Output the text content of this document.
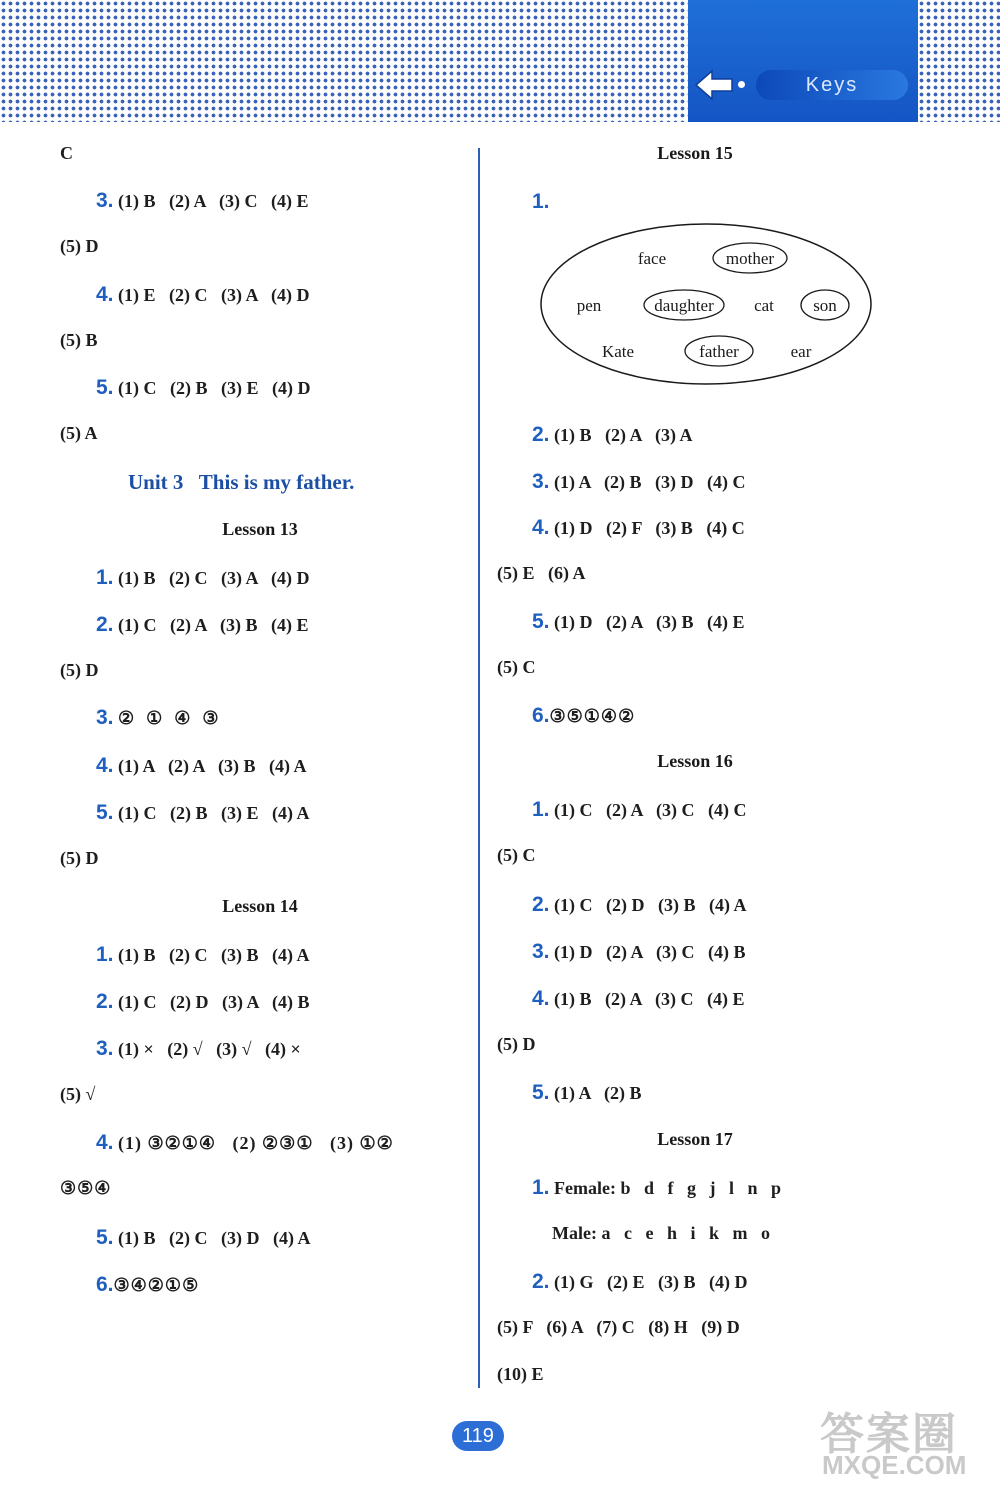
Keys
C
3. (1) B   (2) A   (3) C   (4) E
(5) D
4. (1) E   (2) C   (3) A   (4) D
(5) B
5. (1) C   (2) B   (3) E   (4) D
(5) A
Unit 3   This is my father.
Lesson 13
1. (1) B   (2) C   (3) A   (4) D
2. (1) C   (2) A   (3) B   (4) E
(5) D
3. ②  ①  ④  ③
4. (1) A   (2) A   (3) B   (4) A
5. (1) C   (2) B   (3) E   (4) A
(5) D
Lesson 14
1. (1) B   (2) C   (3) B   (4) A
2. (1) C   (2) D   (3) A   (4) B
3. (1) ×   (2) √   (3) √   (4) ×
(5) √
4. (1) ③②①④   (2) ②③①   (3) ①②
③⑤④
5. (1) B   (2) C   (3) D   (4) A
6.③④②①⑤
Lesson 15
1.
face	mother
pen	daughter cat son
Kate	father	ear
2. (1) B   (2) A   (3) A
3. (1) A   (2) B   (3) D   (4) C
4. (1) D   (2) F   (3) B   (4) C
(5) E   (6) A
5. (1) D   (2) A   (3) B   (4) E
(5) C
6.③⑤①④②
Lesson 16
1. (1) C   (2) A   (3) C   (4) C
(5) C
2. (1) C   (2) D   (3) B   (4) A
3. (1) D   (2) A   (3) C   (4) B
4. (1) B   (2) A   (3) C   (4) E
(5) D
5. (1) A   (2) B
Lesson 17
1. Female: b   d   f   g   j   l   n   p
Male: a   c   e   h   i   k   m   o
2. (1) G   (2) E   (3) B   (4) D
(5) F   (6) A   (7) C   (8) H   (9) D
(10) E
119	答案圈
MXQE.COM
